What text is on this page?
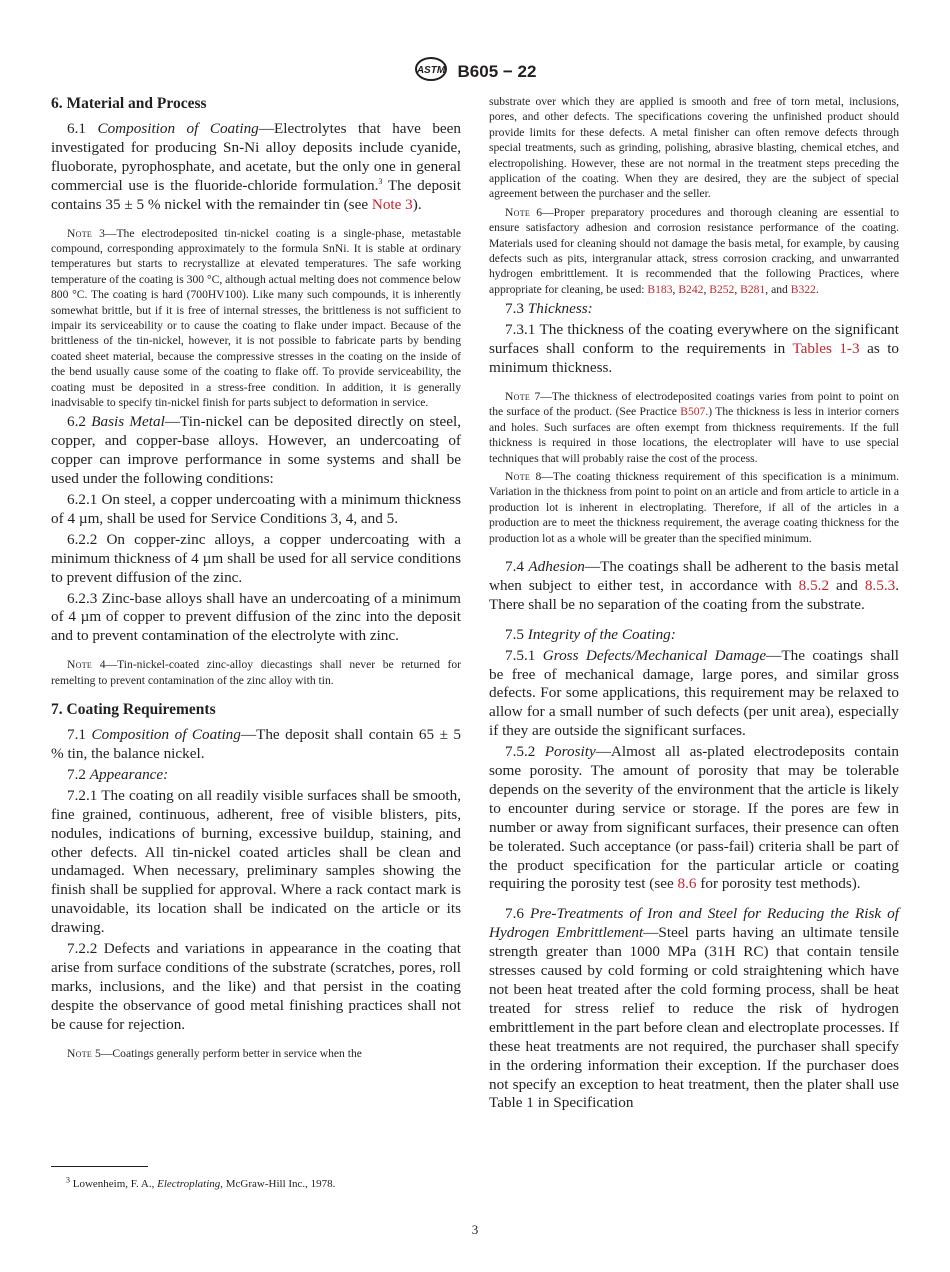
ASTM B605 − 22
6. Material and Process

6.1 Composition of Coating—Electrolytes that have been investigated for producing Sn-Ni alloy deposits include cyanide, fluoborate, pyrophosphate, and acetate, but the only one in general commercial use is the fluoride-chloride formulation.$^3$ The deposit contains 35 ± 5 % nickel with the remainder tin (see Note 3).

Note 3—The electrodeposited tin-nickel coating is a single-phase, metastable compound, corresponding approximately to the formula SnNi. It is stable at ordinary temperatures but starts to recrystallize at elevated temperatures. The safe working temperature of the coating is 300 °C, although actual melting does not commence below 800 °C. The coating is hard (700HV100). Like many such compounds, it is inherently somewhat brittle, but if it is free of internal stresses, the brittleness is not sufficient to impair its serviceability or to cause the coating to flake under impact. Because of the brittleness of the tin-nickel, however, it is not possible to fabricate parts by bending coated sheet material, because the compressive stresses in the coating on the inside of the bend usually cause some of the coating to flake off. To provide serviceability, the coating must be deposited in a stress-free condition. In addition, it is generally inadvisable to specify tin-nickel finish for parts subject to deformation in service.

6.2 Basis Metal—Tin-nickel can be deposited directly on steel, copper, and copper-base alloys. However, an undercoating of copper can improve performance in some systems and shall be used under the following conditions:

6.2.1 On steel, a copper undercoating with a minimum thickness of 4 µm, shall be used for Service Conditions 3, 4, and 5.

6.2.2 On copper-zinc alloys, a copper undercoating with a minimum thickness of 4 µm shall be used for all service conditions to prevent diffusion of the zinc.

6.2.3 Zinc-base alloys shall have an undercoating of a minimum of 4 µm of copper to prevent diffusion of the zinc into the deposit and to prevent contamination of the electrolyte with zinc.

Note 4—Tin-nickel-coated zinc-alloy diecastings shall never be returned for remelting to prevent contamination of the zinc alloy with tin.

7. Coating Requirements

7.1 Composition of Coating—The deposit shall contain 65 ± 5 % tin, the balance nickel.

7.2 Appearance:

7.2.1 The coating on all readily visible surfaces shall be smooth, fine grained, continuous, adherent, free of visible blisters, pits, nodules, indications of burning, excessive buildup, staining, and other defects. All tin-nickel coated articles shall be clean and undamaged. When necessary, preliminary samples showing the finish shall be supplied for approval. Where a rack contact mark is unavoidable, its location shall be indicated on the article or its drawing.

7.2.2 Defects and variations in appearance in the coating that arise from surface conditions of the substrate (scratches, pores, roll marks, inclusions, and the like) and that persist in the coating despite the observance of good metal finishing practices shall not be cause for rejection.

Note 5—Coatings generally perform better in service when the

substrate over which they are applied is smooth and free of torn metal, inclusions, pores, and other defects. The specifications covering the unfinished product should provide limits for these defects. A metal finisher can often remove defects through special treatments, such as grinding, polishing, abrasive blasting, chemical etches, and electropolishing. However, these are not normal in the treatment steps preceding the application of the coating. When they are desired, they are the subject of special agreement between the purchaser and the seller.

Note 6—Proper preparatory procedures and thorough cleaning are essential to ensure satisfactory adhesion and corrosion resistance performance of the coating. Materials used for cleaning should not damage the basis metal, for example, by causing defects such as pits, intergranular attack, stress corrosion cracking, and unwarranted hydrogen embrittlement. It is recommended that the following Practices, where appropriate for cleaning, be used: B183, B242, B252, B281, and B322.

7.3 Thickness:

7.3.1 The thickness of the coating everywhere on the significant surfaces shall conform to the requirements in Tables 1-3 as to minimum thickness.

Note 7—The thickness of electrodeposited coatings varies from point to point on the surface of the product. (See Practice B507.) The thickness is less in interior corners and holes. Such surfaces are often exempt from thickness requirements. If the full thickness is required in those locations, the electroplater will have to use special techniques that will probably raise the cost of the process.

Note 8—The coating thickness requirement of this specification is a minimum. Variation in the thickness from point to point on an article and from article to article in a production lot is inherent in electroplating. Therefore, if all of the articles in a production are to meet the thickness requirement, the average coating thickness for the production lot as a whole will be greater than the specified minimum.

7.4 Adhesion—The coatings shall be adherent to the basis metal when subject to either test, in accordance with 8.5.2 and 8.5.3. There shall be no separation of the coating from the substrate.

7.5 Integrity of the Coating:

7.5.1 Gross Defects/Mechanical Damage—The coatings shall be free of mechanical damage, large pores, and similar gross defects. For some applications, this requirement may be relaxed to allow for a small number of such defects (per unit area), especially if they are outside the significant surfaces.

7.5.2 Porosity—Almost all as-plated electrodeposits contain some porosity. The amount of porosity that may be tolerable depends on the severity of the environment that the article is likely to encounter during service or storage. If the pores are few in number or away from significant surfaces, their presence can often be tolerated. Such acceptance (or pass-fail) criteria shall be part of the product specification for the particular article or coating requiring the porosity test (see 8.6 for porosity test methods).

7.6 Pre-Treatments of Iron and Steel for Reducing the Risk of Hydrogen Embrittlement—Steel parts having an ultimate tensile strength greater than 1000 MPa (31H RC) that contain tensile stresses caused by cold forming or cold straightening which have not been heat treated after the cold forming process, shall be heat treated for stress relief to reduce the risk of hydrogen embrittlement in the part before clean and electroplate processes. If these heat treatments are not required, the purchaser shall specify in the ordering information their exception. If the purchaser does not specify an exception to heat treatment, then the plater shall use Table 1 in Specification

$^3$ Lowenheim, F. A., Electroplating, McGraw-Hill Inc., 1978.
3
